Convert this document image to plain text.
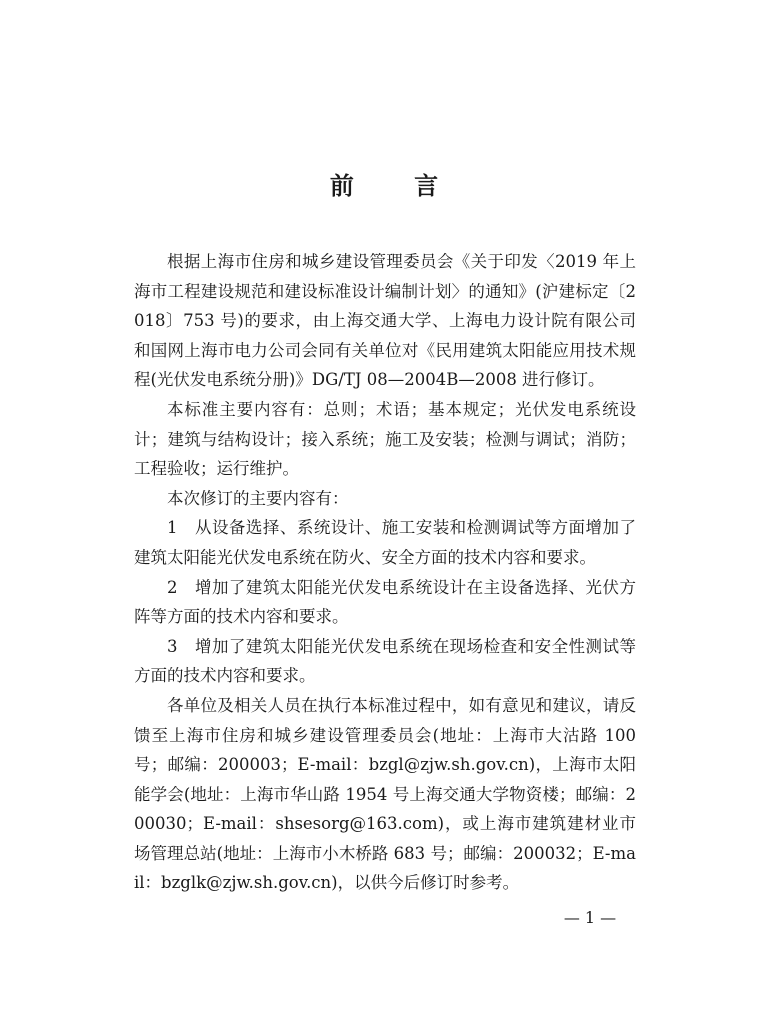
前 言

根据上海市住房和城乡建设管理委员会《关于印发〈2019 年上海市工程建设规范和建设标准设计编制计划〉的通知》(沪建标定〔2018〕753 号)的要求，由上海交通大学、上海电力设计院有限公司和国网上海市电力公司会同有关单位对《民用建筑太阳能应用技术规程(光伏发电系统分册)》DG/TJ 08—2004B—2008 进行修订。

本标准主要内容有：总则；术语；基本规定；光伏发电系统设计；建筑与结构设计；接入系统；施工及安装；检测与调试；消防；工程验收；运行维护。

本次修订的主要内容有：

1　从设备选择、系统设计、施工安装和检测调试等方面增加了建筑太阳能光伏发电系统在防火、安全方面的技术内容和要求。

2　增加了建筑太阳能光伏发电系统设计在主设备选择、光伏方阵等方面的技术内容和要求。

3　增加了建筑太阳能光伏发电系统在现场检查和安全性测试等方面的技术内容和要求。

各单位及相关人员在执行本标准过程中，如有意见和建议，请反馈至上海市住房和城乡建设管理委员会(地址：上海市大沽路 100 号；邮编：200003；E-mail：bzgl@zjw.sh.gov.cn)，上海市太阳能学会(地址：上海市华山路 1954 号上海交通大学物资楼；邮编：200030；E-mail：shsesorg@163.com)，或上海市建筑建材业市场管理总站(地址：上海市小木桥路 683 号；邮编：200032；E-mail：bzglk@zjw.sh.gov.cn)，以供今后修订时参考。

— 1 —
